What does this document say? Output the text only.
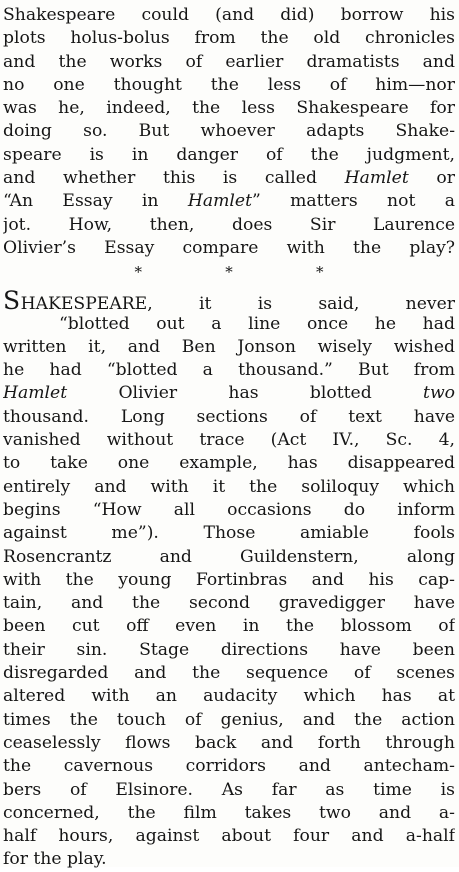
Shakespeare could (and did) borrow his
plots holus-bolus from the old chronicles
and the works of earlier dramatists and
no one thought the less of him—nor
was he, indeed, the less Shakespeare for
doing so. But whoever adapts Shake-
speare is in danger of the judgment,
and whether this is called Hamlet or
“An Essay in Hamlet” matters not a
jot. How, then, does Sir Laurence
Olivier’s Essay compare with the play?
*	*	*
SHAKESPEARE,	it is said, never
“blotted out a line once he had
written it, and Ben Jonson wisely wished
he had “blotted a thousand.” But from
Hamlet	Olivier has blotted	two
thousand. Long sections of text have
vanished without trace (Act IV., Sc. 4,
to take one example, has disappeared
entirely and with it the soliloquy which
begins “How all occasions do inform
against me”). Those amiable fools
Rosencrantz and Guildenstern, along
with the young Fortinbras and his cap-
tain, and the second gravedigger have
been cut off even in the blossom of
their sin. Stage directions have been
disregarded and the sequence of scenes
altered with an audacity which has at
times the touch of genius, and the action
ceaselessly flows back and forth through
the cavernous corridors and antecham-
bers of Elsinore. As far as time is
concerned, the film takes two and a-
half hours, against about four and a-half
for the play.
